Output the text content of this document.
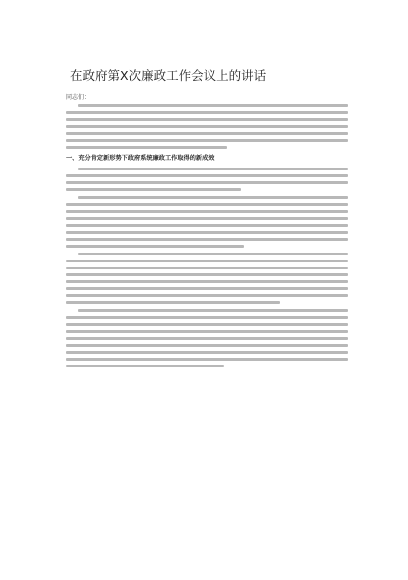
在政府第X次廉政工作会议上的讲话
同志们：
一、充分肯定新形势下政府系统廉政工作取得的新成效
